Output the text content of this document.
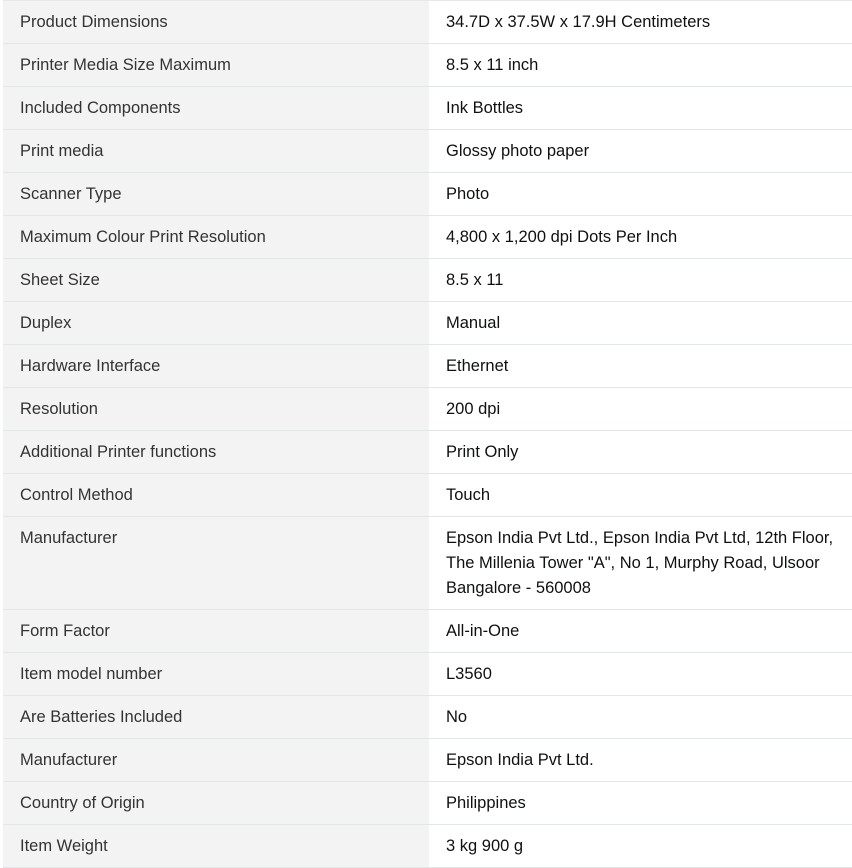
Product Dimensions	34.7D x 37.5W x 17.9H Centimeters
Printer Media Size Maximum	8.5 x 11 inch
Included Components	Ink Bottles
Print media	Glossy photo paper
Scanner Type	Photo
Maximum Colour Print Resolution	4,800 x 1,200 dpi Dots Per Inch
Sheet Size	8.5 x 11
Duplex	Manual
Hardware Interface	Ethernet
Resolution	200 dpi
Additional Printer functions	Print Only
Control Method	Touch
Manufacturer	Epson India Pvt Ltd., Epson India Pvt Ltd, 12th Floor, The Millenia Tower "A", No 1, Murphy Road, Ulsoor Bangalore - 560008
Form Factor	All-in-One
Item model number	L3560
Are Batteries Included	No
Manufacturer	Epson India Pvt Ltd.
Country of Origin	Philippines
Item Weight	3 kg 900 g
